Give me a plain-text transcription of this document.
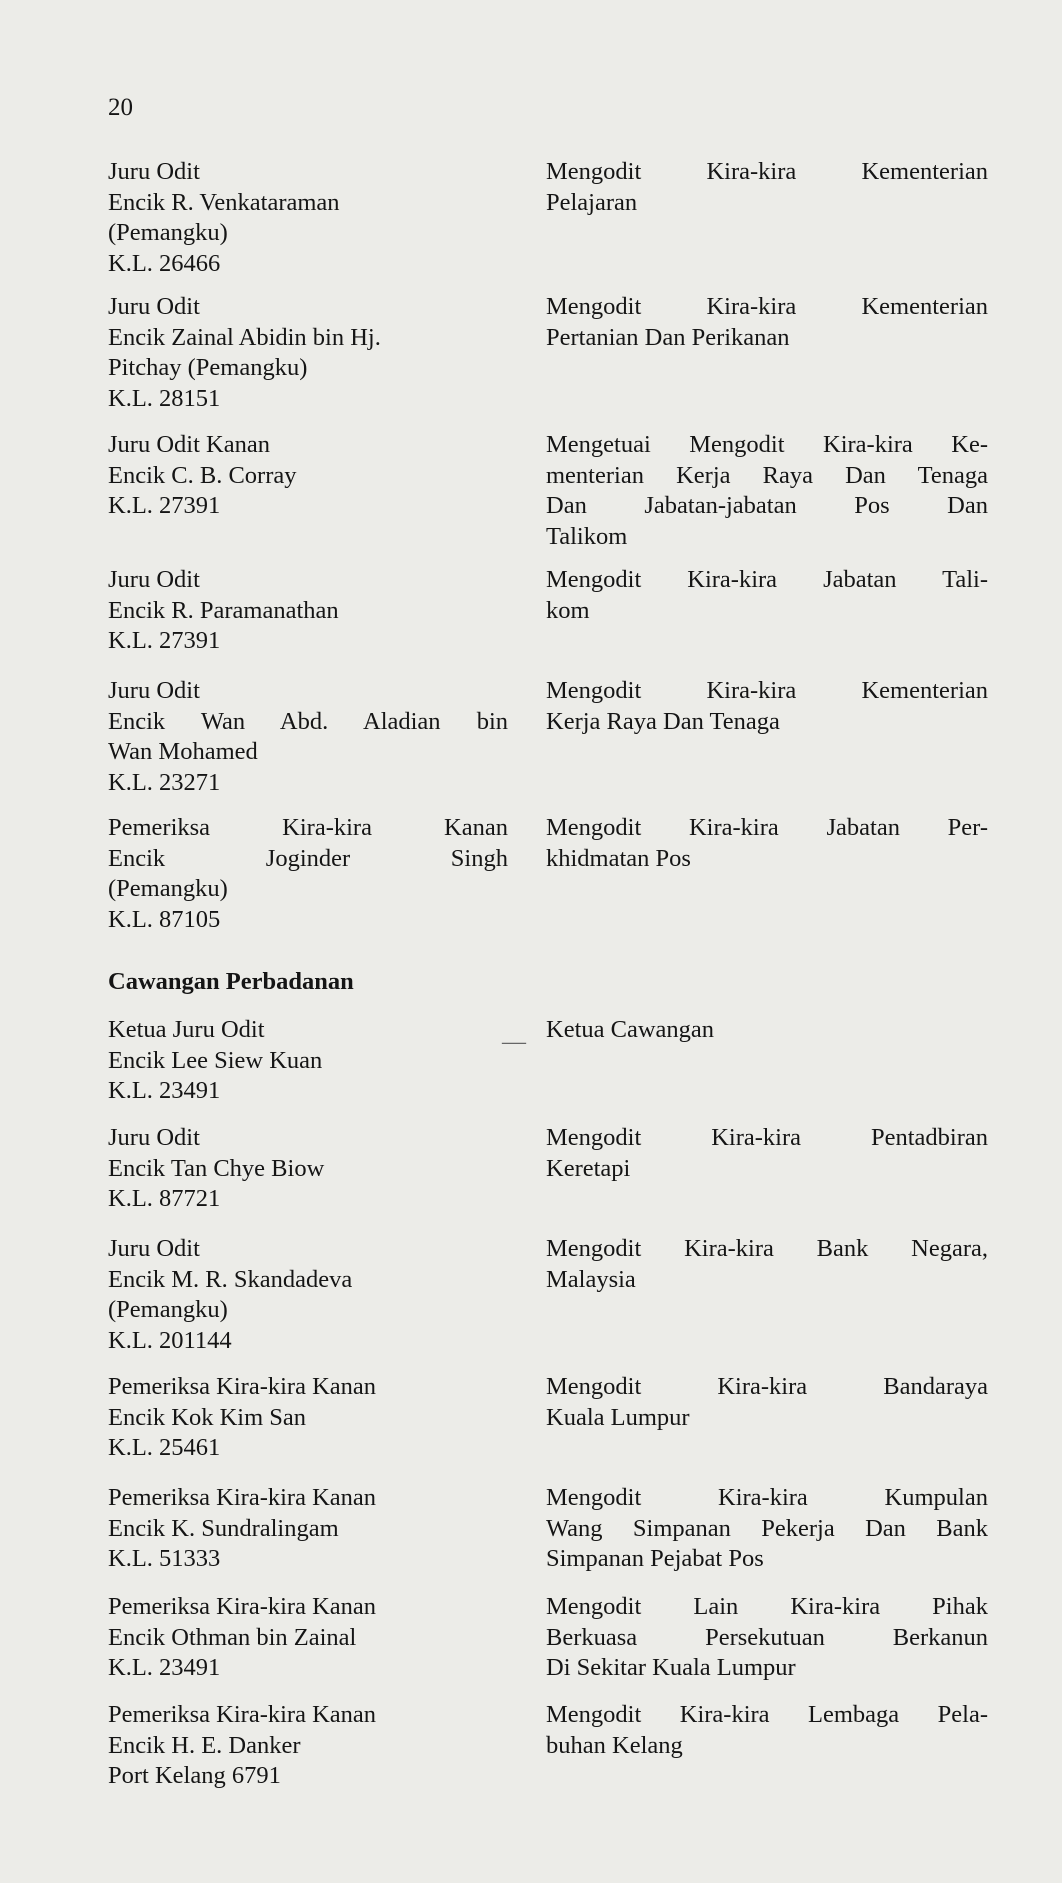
20
Juru Odit
Encik R. Venkataraman
(Pemangku)
K.L. 26466
Mengodit Kira-kira Kementerian
Pelajaran
Juru Odit
Encik Zainal Abidin bin Hj.
Pitchay (Pemangku)
K.L. 28151
Mengodit Kira-kira Kementerian
Pertanian Dan Perikanan
Juru Odit Kanan
Encik C. B. Corray
K.L. 27391
Mengetuai Mengodit Kira-kira Ke-
menterian Kerja Raya Dan Tenaga
Dan Jabatan-jabatan Pos Dan
Talikom
Juru Odit
Encik R. Paramanathan
K.L. 27391
Mengodit Kira-kira Jabatan Tali-
kom
Juru Odit
Encik Wan Abd. Aladian bin
Wan Mohamed
K.L. 23271
Mengodit Kira-kira Kementerian
Kerja Raya Dan Tenaga
Pemeriksa Kira-kira Kanan
Encik Joginder Singh
(Pemangku)
K.L. 87105
Mengodit Kira-kira Jabatan Per-
khidmatan Pos
Cawangan Perbadanan
—
Ketua Juru Odit
Encik Lee Siew Kuan
K.L. 23491
Ketua Cawangan
Juru Odit
Encik Tan Chye Biow
K.L. 87721
Mengodit Kira-kira Pentadbiran
Keretapi
Juru Odit
Encik M. R. Skandadeva
(Pemangku)
K.L. 201144
Mengodit Kira-kira Bank Negara,
Malaysia
Pemeriksa Kira-kira Kanan
Encik Kok Kim San
K.L. 25461
Mengodit Kira-kira Bandaraya
Kuala Lumpur
Pemeriksa Kira-kira Kanan
Encik K. Sundralingam
K.L. 51333
Mengodit Kira-kira Kumpulan
Wang Simpanan Pekerja Dan Bank
Simpanan Pejabat Pos
Pemeriksa Kira-kira Kanan
Encik Othman bin Zainal
K.L. 23491
Mengodit Lain Kira-kira Pihak
Berkuasa Persekutuan Berkanun
Di Sekitar Kuala Lumpur
Pemeriksa Kira-kira Kanan
Encik H. E. Danker
Port Kelang 6791
Mengodit Kira-kira Lembaga Pela-
buhan Kelang
